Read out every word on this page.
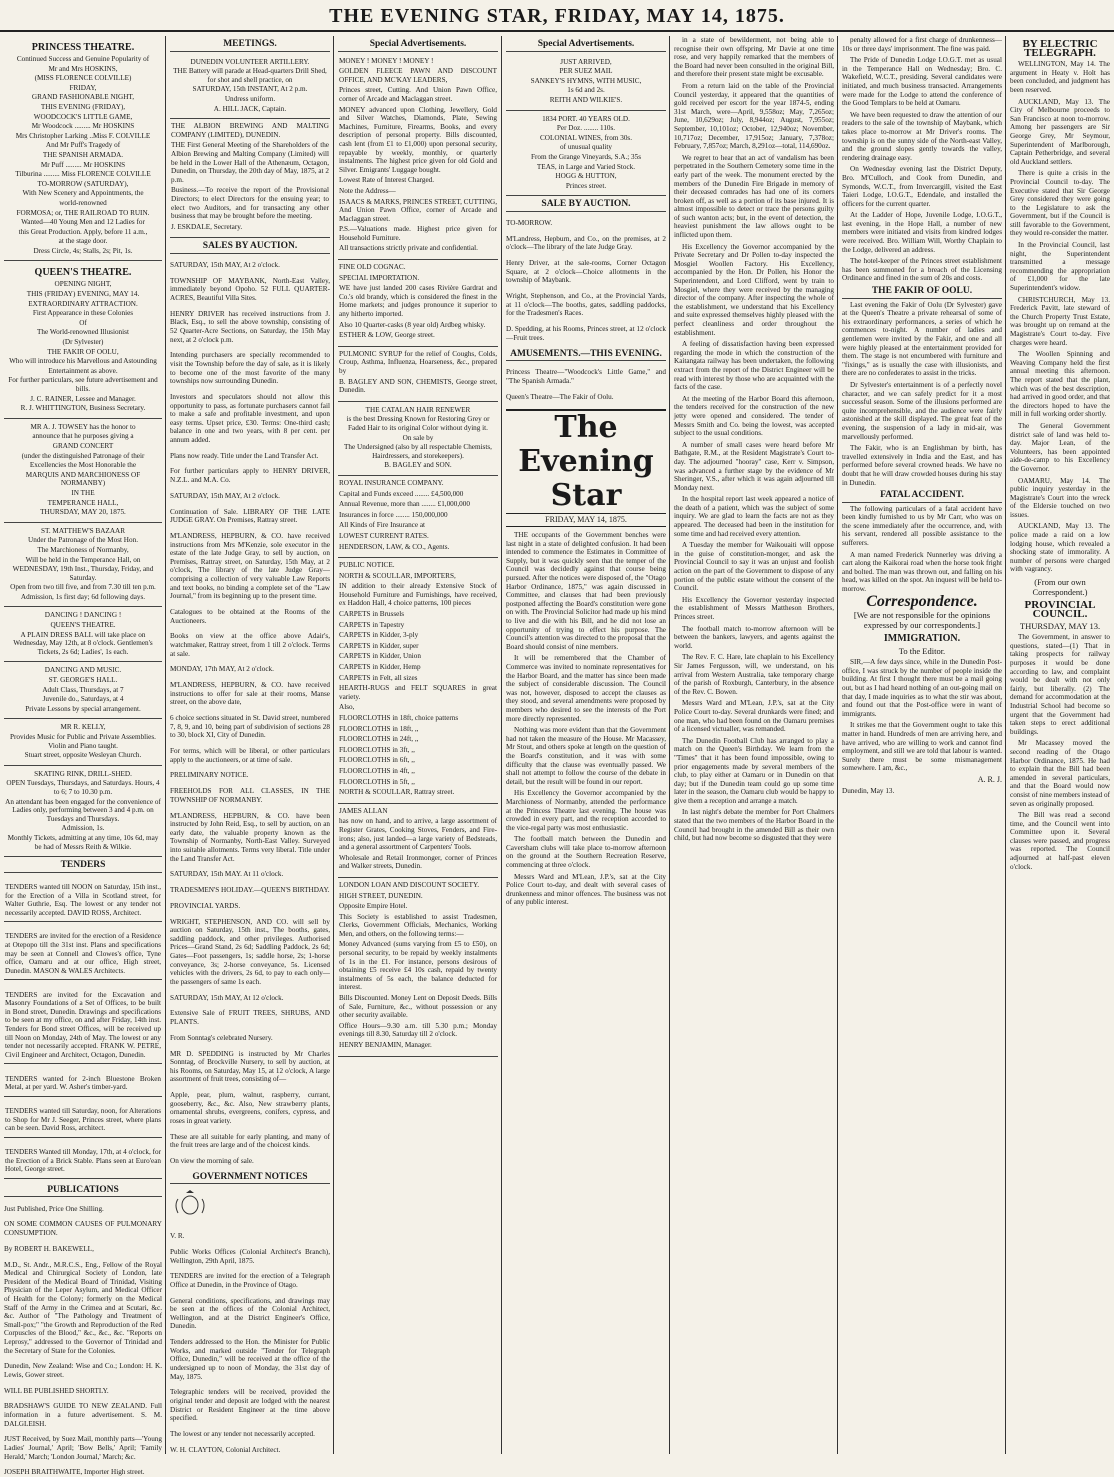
THE EVENING STAR, FRIDAY, MAY 14, 1875.
PRINCESS THEATRE.

Continued Success and Genuine Popularity of

Mr and Mrs HOSKINS,

(MISS FLORENCE COLVILLE)

FRIDAY,

GRAND FASHIONABLE NIGHT,

THIS EVENING (FRIDAY),

WOODCOCK'S LITTLE GAME,

Mr Woodcock ......... Mr HOSKINS

Mrs Christopher Larking ..Miss F. COLVILLE

And Mr Puff's Tragedy of

THE SPANISH ARMADA.

Mr Puff ......... Mr HOSKINS

Tilburina ......... Miss FLORENCE COLVILLE

TO-MORROW (SATURDAY),

With New Scenery and Appointments, the

world-renowned

FORMOSA; or, THE RAILROAD TO RUIN.

Wanted—40 Young Men and 12 Ladies for

this Great Production. Apply, before 11 a.m.,

at the stage door.

Dress Circle, 4s; Stalls, 2s; Pit, 1s.

QUEEN'S THEATRE.

OPENING NIGHT,

THIS (FRIDAY) EVENING, MAY 14.

EXTRAORDINARY ATTRACTION.

First Appearance in these Colonies

Of

The World-renowned Illusionist

(Dr Sylvester)

THE FAKIR OF OOLU,

Who will introduce his Marvellous and Astounding

Entertainment as above.

For further particulars, see future advertisement and bills.

J. C. RAINER, Lessee and Manager.

R. J. WHITTINGTON, Business Secretary.

MR A. J. TOWSEY has the honor to

announce that he purposes giving a

GRAND CONCERT

(under the distinguished Patronage of their

Excellencies the Most Honorable the

MARQUIS AND MARCHIONESS OF NORMANBY)

IN THE

TEMPERANCE HALL,

THURSDAY, MAY 20, 1875.

ST. MATTHEW'S BAZAAR

Under the Patronage of the Most Hon.

The Marchioness of Normanby,

Will be held in the Temperance Hall, on

WEDNESDAY, 19th Inst., Thursday, Friday, and Saturday.

Open from two till five, and from 7.30 till ten p.m.

Admission, 1s first day; 6d following days.

DANCING ! DANCING !

QUEEN'S THEATRE.

A PLAIN DRESS BALL will take place on Wednesday, May 12th, at 8 o'clock. Gentlemen's Tickets, 2s 6d; Ladies', 1s each.

DANCING AND MUSIC.

ST. GEORGE'S HALL.

Adult Class, Thursdays, at 7

Juvenile do., Saturdays, at 4

Private Lessons by special arrangement.

MR R. KELLY,

Provides Music for Public and Private Assemblies. Violin and Piano taught.

Stuart street, opposite Wesleyan Church.

SKATING RINK, DRILL-SHED.

OPEN Tuesdays, Thursdays, and Saturdays. Hours, 4 to 6; 7 to 10.30 p.m.

An attendant has been engaged for the convenience of Ladies only, performing between 3 and 4 p.m. on Tuesdays and Thursdays.

Admission, 1s.

Monthly Tickets, admitting at any time, 10s 6d, may be had of Messrs Reith & Wilkie.

TENDERS

TENDERS wanted till NOON on Saturday, 15th inst., for the Erection of a Villa in Scotland street, for Walter Guthrie, Esq. The lowest or any tender not necessarily accepted. DAVID ROSS, Architect.

TENDERS are invited for the erection of a Residence at Otepopo till the 31st inst. Plans and specifications may be seen at Connell and Clowes's office, Tyne office, Oamaru and at our office, High street, Dunedin. MASON & WALES Architects.

TENDERS are invited for the Excavation and Masonry Foundations of a Set of Offices, to be built in Bond street, Dunedin. Drawings and specifications to be seen at my office, on and after Friday, 14th inst. Tenders for Bond street Offices, will be received up till Noon on Monday, 24th of May. The lowest or any tender not necessarily accepted. FRANK W. PETRE, Civil Engineer and Architect, Octagon, Dunedin.

TENDERS wanted for 2-inch Bluestone Broken Metal, at per yard. W. Asher's timber-yard.

TENDERS wanted till Saturday, noon, for Alterations to Shop for Mr J. Seeger, Princes street, where plans can be seen. David Ross, architect.

TENDERS Wanted till Monday, 17th, at 4 o'clock, for the Erection of a Brick Stable. Plans seen at Euro'ean Hotel, George street.

PUBLICATIONS

Just Published, Price One Shilling.

ON SOME COMMON CAUSES OF PULMONARY CONSUMPTION.

By ROBERT H. BAKEWELL,

M.D., St. Andr., M.R.C.S., Eng., Fellow of the Royal Medical and Chirurgical Society of London, late President of the Medical Board of Trinidad, Visiting Physician of the Leper Asylum, and Medical Officer of Health for the Colony; formerly on the Medical Staff of the Army in the Crimea and at Scutari, &c. &c. Author of "The Pathology and Treatment of Small-pox;" "the Growth and Reproduction of the Red Corpuscles of the Blood," &c., &c., &c. "Reports on Leprosy," addressed to the Governor of Trinidad and the Secretary of State for the Colonies.

Dunedin, New Zealand: Wise and Co.; London: H. K. Lewis, Gower street.

WILL BE PUBLISHED SHORTLY.

BRADSHAW'S GUIDE TO NEW ZEALAND. Full information in a future advertisement. S. M. DALGLEISH.

JUST Received, by Suez Mail, monthly parts—'Young Ladies' Journal,' April; 'Bow Bells,' April; 'Family Herald,' March; 'London Journal,' March; &c.

JOSEPH BRAITHWAITE, Importer High street.

MEETINGS.

DUNEDIN VOLUNTEER ARTILLERY.

THE Battery will parade at Head-quarters Drill Shed, for shot and shell practice, on

SATURDAY, 15th INSTANT, At 2 p.m.

Undress uniform.

A. HILL JACK, Captain.

THE ALBION BREWING AND MALTING COMPANY (LIMITED), DUNEDIN.

THE First General Meeting of the Shareholders of the Albion Brewing and Malting Company (Limited) will be held in the Lower Hall of the Athenæum, Octagon, Dunedin, on Thursday, the 20th day of May, 1875, at 2 p.m.

Business.—To receive the report of the Provisional Directors; to elect Directors for the ensuing year; to elect two Auditors, and for transacting any other business that may be brought before the meeting.

J. ESKDALE, Secretary.

SALES BY AUCTION.

SATURDAY, 15th MAY, At 2 o'clock.

TOWNSHIP OF MAYBANK, North-East Valley, immediately beyond Opoho. 52 FULL QUARTER-ACRES, Beautiful Villa Sites.

HENRY DRIVER has received instructions from J. Black, Esq., to sell the above township, consisting of 52 Quarter-Acre Sections, on Saturday, the 15th May next, at 2 o'clock p.m.

Intending purchasers are specially recommended to visit the Township before the day of sale, as it is likely to become one of the most favorite of the many townships now surrounding Dunedin.

Investors and speculators should not allow this opportunity to pass, as fortunate purchasers cannot fail to make a safe and profitable investment, and upon easy terms. Upset price, £30. Terms: One-third cash; balance in one and two years, with 8 per cent. per annum added.

Plans now ready. Title under the Land Transfer Act.

For further particulars apply to HENRY DRIVER, N.Z.L. and M.A. Co.

SATURDAY, 15th MAY, At 2 o'clock.

Continuation of Sale. LIBRARY OF THE LATE JUDGE GRAY. On Premises, Rattray street.

M'LANDRESS, HEPBURN, & CO. have received instructions from Mrs M'Kenzie, sole executor in the estate of the late Judge Gray, to sell by auction, on Premises, Rattray street, on Saturday, 15th May, at 2 o'clock, The library of the late Judge Gray—comprising a collection of very valuable Law Reports and text books, no binding a complete set of the "Law Journal," from its beginning up to the present time.

Catalogues to be obtained at the Rooms of the Auctioneers.

Books on view at the office above Adair's, watchmaker, Rattray street, from 1 till 2 o'clock. Terms at sale.

MONDAY, 17th MAY, At 2 o'clock.

M'LANDRESS, HEPBURN, & CO. have received instructions to offer for sale at their rooms, Manse street, on the above date,

6 choice sections situated in St. David street, numbered 7, 8, 9, and 10, being part of subdivision of sections 28 to 30, block XI, City of Dunedin.

For terms, which will be liberal, or other particulars apply to the auctioneers, or at time of sale.

PRELIMINARY NOTICE.

FREEHOLDS FOR ALL CLASSES, IN THE TOWNSHIP OF NORMANBY.

M'LANDRESS, HEPBURN, & CO. have been instructed by John Reid, Esq., to sell by auction, on an early date, the valuable property known as the Township of Normanby, North-East Valley. Surveyed into suitable allotments. Terms very liberal. Title under the Land Transfer Act.

SATURDAY, 15th MAY. At 11 o'clock.

TRADESMEN'S HOLIDAY.—QUEEN'S BIRTHDAY.

PROVINCIAL YARDS.

WRIGHT, STEPHENSON, AND CO. will sell by auction on Saturday, 15th inst., The booths, gates, saddling paddock, and other privileges. Authorised Prices—Grand Stand, 2s 6d; Saddling Paddock, 2s 6d; Gates—Foot passengers, 1s; saddle horse, 2s; 1-horse conveyance, 3s; 2-horse conveyance, 5s. Licensed vehicles with the drivers, 2s 6d, to pay to each only—the passengers of same 1s each.

SATURDAY, 15th MAY, At 12 o'clock.

Extensive Sale of FRUIT TREES, SHRUBS, AND PLANTS.

From Sonntag's celebrated Nursery.

MR D. SPEDDING is instructed by Mr Charles Sonntag, of Brockville Nursery, to sell by auction, at his Rooms, on Saturday, May 15, at 12 o'clock, A large assortment of fruit trees, consisting of—

Apple, pear, plum, walnut, raspberry, currant, gooseberry, &c., &c. Also, New strawberry plants, ornamental shrubs, evergreens, conifers, cypress, and roses in great variety.

These are all suitable for early planting, and many of the fruit trees are large and of the choicest kinds.

On view the morning of sale.

GOVERNMENT NOTICES

V. R.

Public Works Offices (Colonial Architect's Branch), Wellington, 29th April, 1875.

TENDERS are invited for the erection of a Telegraph Office at Dunedin, in the Province of Otago.

General conditions, specifications, and drawings may be seen at the offices of the Colonial Architect, Wellington, and at the District Engineer's Office, Dunedin.

Tenders addressed to the Hon. the Minister for Public Works, and marked outside "Tender for Telegraph Office, Dunedin," will be received at the office of the undersigned up to noon of Monday, the 31st day of May, 1875.

Telegraphic tenders will be received, provided the original tender and deposit are lodged with the nearest District or Resident Engineer at the time above specified.

The lowest or any tender not necessarily accepted.

W. H. CLAYTON, Colonial Architect.

Special Advertisements.

MONEY ! MONEY ! MONEY !

GOLDEN FLEECE PAWN AND DISCOUNT OFFICE, AND MC'KAY LEADERS,

Princes street, Cutting. And Union Pawn Office, corner of Arcade and Maclaggan street.

MONEY advanced upon Clothing, Jewellery, Gold and Silver Watches, Diamonds, Plate, Sewing Machines, Furniture, Firearms, Books, and every description of personal property. Bills discounted, cash lent (from £1 to £1,000) upon personal security, repayable by weekly, monthly, or quarterly instalments. The highest price given for old Gold and Silver. Emigrants' Luggage bought.

Lowest Rate of Interest Charged.

Note the Address—

ISAACS & MARKS, PRINCES STREET, CUTTING, And Union Pawn Office, corner of Arcade and Maclaggan street.

P.S.—Valuations made. Highest price given for Household Furniture.

All transactions strictly private and confidential.

FINE OLD COGNAC.

SPECIAL IMPORTATION.

WE have just landed 200 cases Rivière Gardrat and Co.'s old brandy, which is considered the finest in the Home markets; and judges pronounce it superior to any hitherto imported.

Also 10 Quarter-casks (8 year old) Ardbeg whisky.

ESTHER & LOW, George street.

PULMONIC SYRUP for the relief of Coughs, Colds, Croup, Asthma, Influenza, Hoarseness, &c., prepared by

B. BAGLEY AND SON, CHEMISTS, George street, Dunedin.

THE CATALAN HAIR RENEWER

is the best Dressing Known for Restoring Grey or Faded Hair to its original Color without dying it.

On sale by

The Undersigned (also by all respectable Chemists, Hairdressers, and storekeepers).

B. BAGLEY and SON.

ROYAL INSURANCE COMPANY.

Capital and Funds exceed ........ £4,500,000

Annual Revenue, more than ........ £1,000,000

Insurances in force ........ 150,000,000

All Kinds of Fire Insurance at

LOWEST CURRENT RATES.

HENDERSON, LAW, & CO., Agents.

PUBLIC NOTICE.

NORTH & SCOULLAR, IMPORTERS,

IN addition to their already Extensive Stock of Household Furniture and Furnishings, have received, ex Haddon Hall, 4 choice patterns, 100 pieces

CARPETS in Brussels

CARPETS in Tapestry

CARPETS in Kidder, 3-ply

CARPETS in Kidder, super

CARPETS in Kidder, Union

CARPETS in Kidder, Hemp

CARPETS in Felt, all sizes

HEARTH-RUGS and FELT SQUARES in great variety.

Also,

FLOORCLOTHS in 18ft, choice patterns

FLOORCLOTHS in 18ft, ,,

FLOORCLOTHS in 24ft, ,,

FLOORCLOTHS in 3ft, ,,

FLOORCLOTHS in 6ft, ,,

FLOORCLOTHS in 4ft, ,,

FLOORCLOTHS in 5ft, ,,

NORTH & SCOULLAR, Rattray street.

JAMES ALLAN

has now on hand, and to arrive, a large assortment of Register Grates, Cooking Stoves, Fenders, and Fire-irons; also, just landed—a large variety of Bedsteads, and a general assortment of Carpenters' Tools.

Wholesale and Retail Ironmonger, corner of Princes and Walker streets, Dunedin.

LONDON LOAN AND DISCOUNT SOCIETY.

HIGH STREET, DUNEDIN.

Opposite Empire Hotel.

This Society is established to assist Tradesmen, Clerks, Government Officials, Mechanics, Working Men, and others, on the following terms:—

Money Advanced (sums varying from £5 to £50), on personal security, to be repaid by weekly instalments of 1s in the £1. For instance, persons desirous of obtaining £5 receive £4 10s cash, repaid by twenty instalments of 5s each, the balance deducted for interest.

Bills Discounted. Money Lent on Deposit Deeds. Bills of Sale, Furniture, &c., without possession or any other security available.

Office Hours—9.30 a.m. till 5.30 p.m.; Monday evenings till 8.30, Saturday till 2 o'clock.

HENRY BENJAMIN, Manager.

Special Advertisements.

JUST ARRIVED,

PER SUEZ MAIL

SANKEY'S HYMNS, WITH MUSIC,

1s 6d and 2s.

REITH AND WILKIE'S.

1834 PORT. 40 YEARS OLD.

Per Doz. ........ 110s.

COLONIAL WINES, from 30s.

of unusual quality

From the Grange Vineyards, S.A.; 35s

TEAS, in Large and Varied Stock.

HOGG & HUTTON,

Princes street.

SALE BY AUCTION.

TO-MORROW.

M'Landress, Hepburn, and Co., on the premises, at 2 o'clock—The library of the late Judge Gray.

Henry Driver, at the sale-rooms, Corner Octagon Square, at 2 o'clock—Choice allotments in the township of Maybank.

Wright, Stephenson, and Co., at the Provincial Yards, at 11 o'clock—The booths, gates, saddling paddocks, for the Tradesmen's Races.

D. Spedding, at his Rooms, Princes street, at 12 o'clock—Fruit trees.

AMUSEMENTS.—THIS EVENING.

Princess Theatre—"Woodcock's Little Game," and "The Spanish Armada."

Queen's Theatre—The Fakir of Oolu.

The Evening Star
FRIDAY, MAY 14, 1875.

THE occupants of the Government benches were last night in a state of delighted confusion. It had been intended to commence the Estimates in Committee of Supply, but it was quickly seen that the temper of the Council was decidedly against that course being pursued. After the notices were disposed of, the "Otago Harbor Ordinance, 1875," was again discussed in Committee, and clauses that had been previously postponed affecting the Board's constitution were gone on with. The Provincial Solicitor had made up his mind to live and die with his Bill, and he did not lose an opportunity of trying to effect his purpose. The Council's attention was directed to the proposal that the Board should consist of nine members.

It will be remembered that the Chamber of Commerce was invited to nominate representatives for the Harbor Board, and the matter has since been made the subject of considerable discussion. The Council was not, however, disposed to accept the clauses as they stood, and several amendments were proposed by members who desired to see the interests of the Port more directly represented.

Nothing was more evident than that the Government had not taken the measure of the House. Mr Macassey, Mr Stout, and others spoke at length on the question of the Board's constitution, and it was with some difficulty that the clause was eventually passed. We shall not attempt to follow the course of the debate in detail, but the result will be found in our report.

His Excellency the Governor accompanied by the Marchioness of Normanby, attended the performance at the Princess Theatre last evening. The house was crowded in every part, and the reception accorded to the vice-regal party was most enthusiastic.

The football match between the Dunedin and Caversham clubs will take place to-morrow afternoon on the ground at the Southern Recreation Reserve, commencing at three o'clock.

Messrs Ward and M'Lean, J.P.'s, sat at the City Police Court to-day, and dealt with several cases of drunkenness and minor offences. The business was not of any public interest.

in a state of bewilderment, not being able to recognise their own offspring. Mr Davie at one time rose, and very happily remarked that the members of the Board had never been consulted in the original Bill, and therefore their present state might be excusable.

From a return laid on the table of the Provincial Council yesterday, it appeared that the quantities of gold received per escort for the year 1874-5, ending 31st March, were—April, 9,558oz; May, 7,265oz; June, 10,629oz; July, 8,944oz; August, 7,955oz; September, 10,101oz; October, 12,940oz; November, 10,717oz; December, 17,915oz; January, 7,378oz; February, 7,857oz; March, 8,291oz—total, 114,690oz.

We regret to hear that an act of vandalism has been perpetrated in the Southern Cemetery some time in the early part of the week. The monument erected by the members of the Dunedin Fire Brigade in memory of their deceased comrades has had one of its corners broken off, as well as a portion of its base injured. It is almost impossible to detect or trace the persons guilty of such wanton acts; but, in the event of detection, the heaviest punishment the law allows ought to be inflicted upon them.

His Excellency the Governor accompanied by the Private Secretary and Dr Pollen to-day inspected the Mosgiel Woollen Factory. His Excellency, accompanied by the Hon. Dr Pollen, his Honor the Superintendent, and Lord Clifford, went by train to Mosgiel, where they were received by the managing director of the company. After inspecting the whole of the establishment, we understand that his Excellency and suite expressed themselves highly pleased with the perfect cleanliness and order throughout the establishment.

A feeling of dissatisfaction having been expressed regarding the mode in which the construction of the Kaitangata railway has been undertaken, the following extract from the report of the District Engineer will be read with interest by those who are acquainted with the facts of the case.

At the meeting of the Harbor Board this afternoon, the tenders received for the construction of the new jetty were opened and considered. The tender of Messrs Smith and Co. being the lowest, was accepted subject to the usual conditions.

A number of small cases were heard before Mr Bathgate, R.M., at the Resident Magistrate's Court to-day. The adjourned "hooray" case, Kerr v. Simpson, was advanced a further stage by the evidence of Mr Sheringer, V.S., after which it was again adjourned till Monday next.

In the hospital report last week appeared a notice of the death of a patient, which was the subject of some inquiry. We are glad to learn the facts are not as they appeared. The deceased had been in the institution for some time and had received every attention.

A Tuesday the member for Waikouaiti will oppose in the guise of constitution-monger, and ask the Provincial Council to say it was an unjust and foolish action on the part of the Government to dispose of any portion of the public estate without the consent of the Council.

His Excellency the Governor yesterday inspected the establishment of Messrs Mattheson Brothers, Princes street.

The football match to-morrow afternoon will be between the bankers, lawyers, and agents against the world.

The Rev. F. C. Hare, late chaplain to his Excellency Sir James Fergusson, will, we understand, on his arrival from Western Australia, take temporary charge of the parish of Roxburgh, Canterbury, in the absence of the Rev. C. Bowen.

Messrs Ward and M'Lean, J.P.'s, sat at the City Police Court to-day. Several drunkards were fined; and one man, who had been found on the Oamaru premises of a licensed victualler, was remanded.

The Dunedin Football Club has arranged to play a match on the Queen's Birthday. We learn from the "Times" that it has been found impossible, owing to prior engagements made by several members of the club, to play either at Oamaru or in Dunedin on that day; but if the Dunedin team could go up some time later in the season, the Oamaru club would be happy to give them a reception and arrange a match.

In last night's debate the member for Port Chalmers stated that the two members of the Harbor Board in the Council had brought in the amended Bill as their own child, but had now become so disgusted that they were

penalty allowed for a first charge of drunkenness—10s or three days' imprisonment. The fine was paid.

The Pride of Dunedin Lodge I.O.G.T. met as usual in the Temperance Hall on Wednesday; Bro. C. Wakefield, W.C.T., presiding. Several candidates were initiated, and much business transacted. Arrangements were made for the Lodge to attend the conference of the Good Templars to be held at Oamaru.

We have been requested to draw the attention of our readers to the sale of the township of Maybank, which takes place to-morrow at Mr Driver's rooms. The township is on the sunny side of the North-east Valley, and the ground slopes gently towards the valley, rendering drainage easy.

On Wednesday evening last the District Deputy, Bro. M'Culloch, and Cook from Dunedin, and Symonds, W.C.T., from Invercargill, visited the East Taieri Lodge, I.O.G.T., Edendale, and installed the officers for the current quarter.

At the Ladder of Hope, Juvenile Lodge, I.O.G.T., last evening, in the Hope Hall, a number of new members were initiated and visits from kindred lodges were received. Bro. William Will, Worthy Chaplain to the Lodge, delivered an address.

The hotel-keeper of the Princes street establishment has been summoned for a breach of the Licensing Ordinance and fined in the sum of 20s and costs.

THE FAKIR OF OOLU.

Last evening the Fakir of Oolu (Dr Sylvester) gave at the Queen's Theatre a private rehearsal of some of his extraordinary performances, a series of which he commences to-night. A number of ladies and gentlemen were invited by the Fakir, and one and all were highly pleased at the entertainment provided for them. The stage is not encumbered with furniture and "fixings," as is usually the case with illusionists, and there are no confederates to assist in the tricks.

Dr Sylvester's entertainment is of a perfectly novel character, and we can safely predict for it a most successful season. Some of the illusions performed are quite incomprehensible, and the audience were fairly astonished at the skill displayed. The great feat of the evening, the suspension of a lady in mid-air, was marvellously performed.

The Fakir, who is an Englishman by birth, has travelled extensively in India and the East, and has performed before several crowned heads. We have no doubt that he will draw crowded houses during his stay in Dunedin.

FATAL ACCIDENT.

The following particulars of a fatal accident have been kindly furnished to us by Mr Carr, who was on the scene immediately after the occurrence, and, with his servant, rendered all possible assistance to the sufferers.

A man named Frederick Nunnerley was driving a cart along the Kaikorai road when the horse took fright and bolted. The man was thrown out, and falling on his head, was killed on the spot. An inquest will be held to-morrow.

Correspondence.
[We are not responsible for the opinions expressed by our correspondents.]
IMMIGRATION.
To the Editor.

SIR,—A few days since, while in the Dunedin Post-office, I was struck by the number of people inside the building. At first I thought there must be a mail going out, but as I had heard nothing of an out-going mail on that day, I made inquiries as to what the stir was about, and found out that the Post-office were in want of immigrants.

It strikes me that the Government ought to take this matter in hand. Hundreds of men are arriving here, and have arrived, who are willing to work and cannot find employment, and still we are told that labour is wanted. Surely there must be some mismanagement somewhere. I am, &c.,

A. R. J.
Dunedin, May 13.
BY ELECTRIC TELEGRAPH.

WELLINGTON, May 14. The argument in Heaty v. Holt has been concluded, and judgment has been reserved.

AUCKLAND, May 13. The City of Melbourne proceeds to San Francisco at noon to-morrow. Among her passengers are Sir George Grey, Mr Seymour, Superintendent of Marlborough, Captain Petherbridge, and several old Auckland settlers.

There is quite a crisis in the Provincial Council to-day. The Executive stated that Sir George Grey considered they were going to the Legislature to ask the Government, but if the Council is still favorable to the Government, they would re-consider the matter.

In the Provincial Council, last night, the Superintendent transmitted a message recommending the appropriation of £1,000 for the late Superintendent's widow.

CHRISTCHURCH, May 13. Frederick Pavitt, late steward of the Church Property Trust Estate, was brought up on remand at the Magistrate's Court to-day. Five charges were heard.

The Woollen Spinning and Weaving Company held the first annual meeting this afternoon. The report stated that the plant, which was of the best description, had arrived in good order, and that the directors hoped to have the mill in full working order shortly.

The General Government district sale of land was held to-day. Major Lean, of the Volunteers, has been appointed aide-de-camp to his Excellency the Governor.

OAMARU, May 14. The public inquiry yesterday in the Magistrate's Court into the wreck of the Eldersie touched on two issues.

AUCKLAND, May 13. The police made a raid on a low lodging house, which revealed a shocking state of immorality. A number of persons were charged with vagrancy.

(From our own Correspondent.)
PROVINCIAL COUNCIL.
THURSDAY, MAY 13.

The Government, in answer to questions, stated—(1) That in taking prospects for railway purposes it would be done according to law, and complaint would be dealt with not only fairly, but liberally. (2) The demand for accommodation at the Industrial School had become so urgent that the Government had taken steps to erect additional buildings.

Mr Macassey moved the second reading of the Otago Harbor Ordinance, 1875. He had to explain that the Bill had been amended in several particulars, and that the Board would now consist of nine members instead of seven as originally proposed.

The Bill was read a second time, and the Council went into Committee upon it. Several clauses were passed, and progress was reported. The Council adjourned at half-past eleven o'clock.
